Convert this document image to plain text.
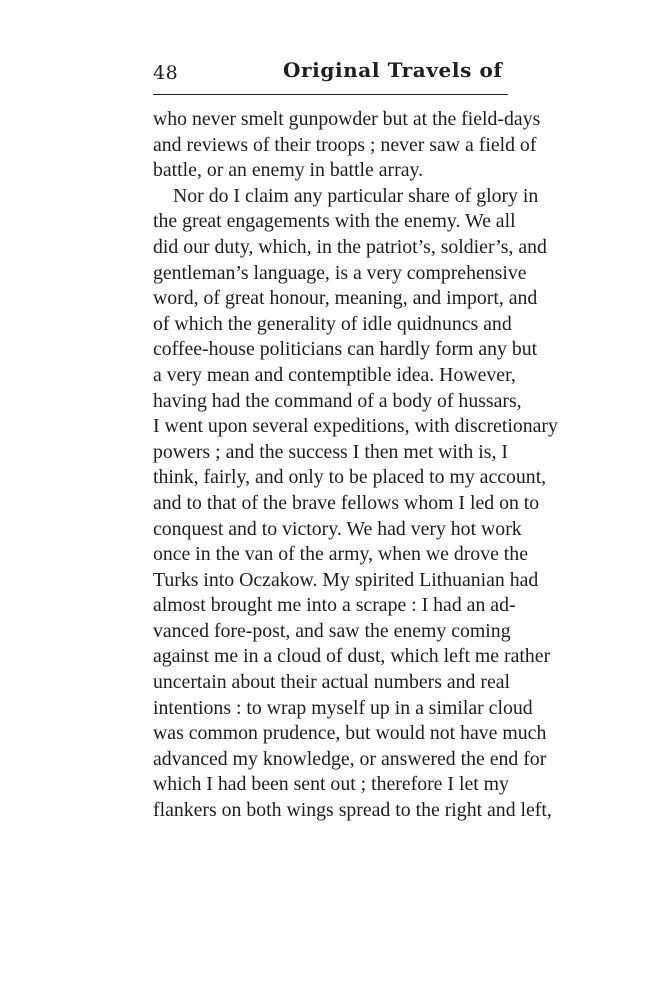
48	Original Travels of
who never smelt gunpowder but at the field-days
and reviews of their troops ; never saw a field of
battle, or an enemy in battle array.
Nor do I claim any particular share of glory in
the great engagements with the enemy. We all
did our duty, which, in the patriot’s, soldier’s, and
gentleman’s language, is a very comprehensive
word, of great honour, meaning, and import, and
of which the generality of idle quidnuncs and
coffee-house politicians can hardly form any but
a very mean and contemptible idea. However,
having had the command of a body of hussars,
I went upon several expeditions, with discretionary
powers ; and the success I then met with is, I
think, fairly, and only to be placed to my account,
and to that of the brave fellows whom I led on to
conquest and to victory. We had very hot work
once in the van of the army, when we drove the
Turks into Oczakow. My spirited Lithuanian had
almost brought me into a scrape : I had an ad-
vanced fore-post, and saw the enemy coming
against me in a cloud of dust, which left me rather
uncertain about their actual numbers and real
intentions : to wrap myself up in a similar cloud
was common prudence, but would not have much
advanced my knowledge, or answered the end for
which I had been sent out ; therefore I let my
flankers on both wings spread to the right and left,
